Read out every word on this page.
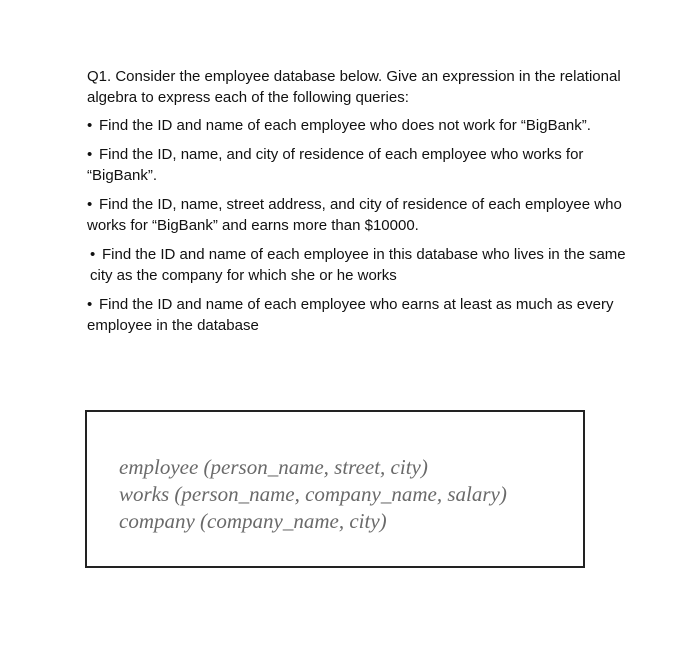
Q1. Consider the employee database below. Give an expression in the relational algebra to express each of the following queries:

• Find the ID and name of each employee who does not work for “BigBank”.

• Find the ID, name, and city of residence of each employee who works for “BigBank”.

• Find the ID, name, street address, and city of residence of each employee who works for “BigBank” and earns more than $10000.

• Find the ID and name of each employee in this database who lives in the same city as the company for which she or he works

• Find the ID and name of each employee who earns at least as much as every employee in the database

employee (person_name, street, city)
works (person_name, company_name, salary)
company (company_name, city)
